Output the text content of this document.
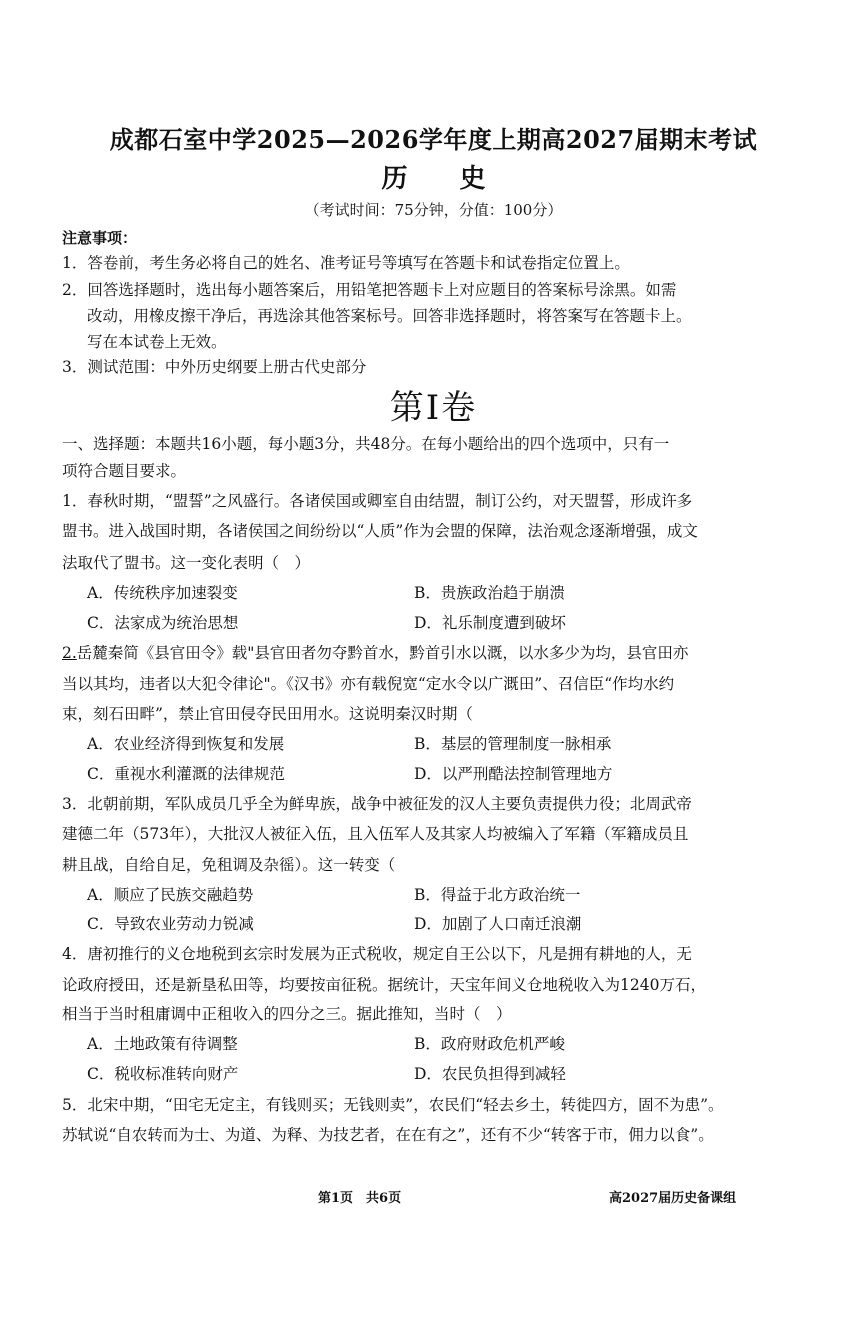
成都石室中学2025—2026学年度上期高2027届期末考试
历 史
（考试时间：75分钟，分值：100分）
注意事项：
1．答卷前，考生务必将自己的姓名、准考证号等填写在答题卡和试卷指定位置上。
2．回答选择题时，选出每小题答案后，用铅笔把答题卡上对应题目的答案标号涂黑。如需
改动，用橡皮擦干净后，再选涂其他答案标号。回答非选择题时，将答案写在答题卡上。
写在本试卷上无效。
3．测试范围：中外历史纲要上册古代史部分
第Ⅰ卷
一、选择题：本题共16小题，每小题3分，共48分。在每小题给出的四个选项中，只有一
项符合题目要求。
1．春秋时期，“盟誓”之风盛行。各诸侯国或卿室自由结盟，制订公约，对天盟誓，形成许多
盟书。进入战国时期，各诸侯国之间纷纷以“人质”作为会盟的保障，法治观念逐渐增强，成文
法取代了盟书。这一变化表明（　）
A．传统秩序加速裂变	B．贵族政治趋于崩溃
C．法家成为统治思想	D．礼乐制度遭到破坏
2.岳麓秦简《县官田令》载"县官田者勿夺黔首水，黔首引水以溉，以水多少为均，县官田亦
当以其均，违者以大犯令律论"。《汉书》亦有载倪宽“定水令以广溉田”、召信臣“作均水约
束，刻石田畔”，禁止官田侵夺民田用水。这说明秦汉时期（
A．农业经济得到恢复和发展	B．基层的管理制度一脉相承
C．重视水利灌溉的法律规范	D．以严刑酷法控制管理地方
3．北朝前期，军队成员几乎全为鲜卑族，战争中被征发的汉人主要负责提供力役；北周武帝
建德二年（573年），大批汉人被征入伍，且入伍军人及其家人均被编入了军籍（军籍成员且
耕且战，自给自足，免租调及杂徭）。这一转变（
A．顺应了民族交融趋势	B．得益于北方政治统一
C．导致农业劳动力锐减	D．加剧了人口南迁浪潮
4．唐初推行的义仓地税到玄宗时发展为正式税收，规定自王公以下，凡是拥有耕地的人，无
论政府授田，还是新垦私田等，均要按亩征税。据统计，天宝年间义仓地税收入为1240万石，
相当于当时租庸调中正租收入的四分之三。据此推知，当时（　）
A．土地政策有待调整	B．政府财政危机严峻
C．税收标准转向财产	D．农民负担得到减轻
5．北宋中期，“田宅无定主，有钱则买；无钱则卖”，农民们“轻去乡土，转徙四方，固不为患”。
苏轼说“自农转而为士、为道、为释、为技艺者，在在有之”，还有不少“转客于市，佣力以食”。
第1页　共6页	高2027届历史备课组
